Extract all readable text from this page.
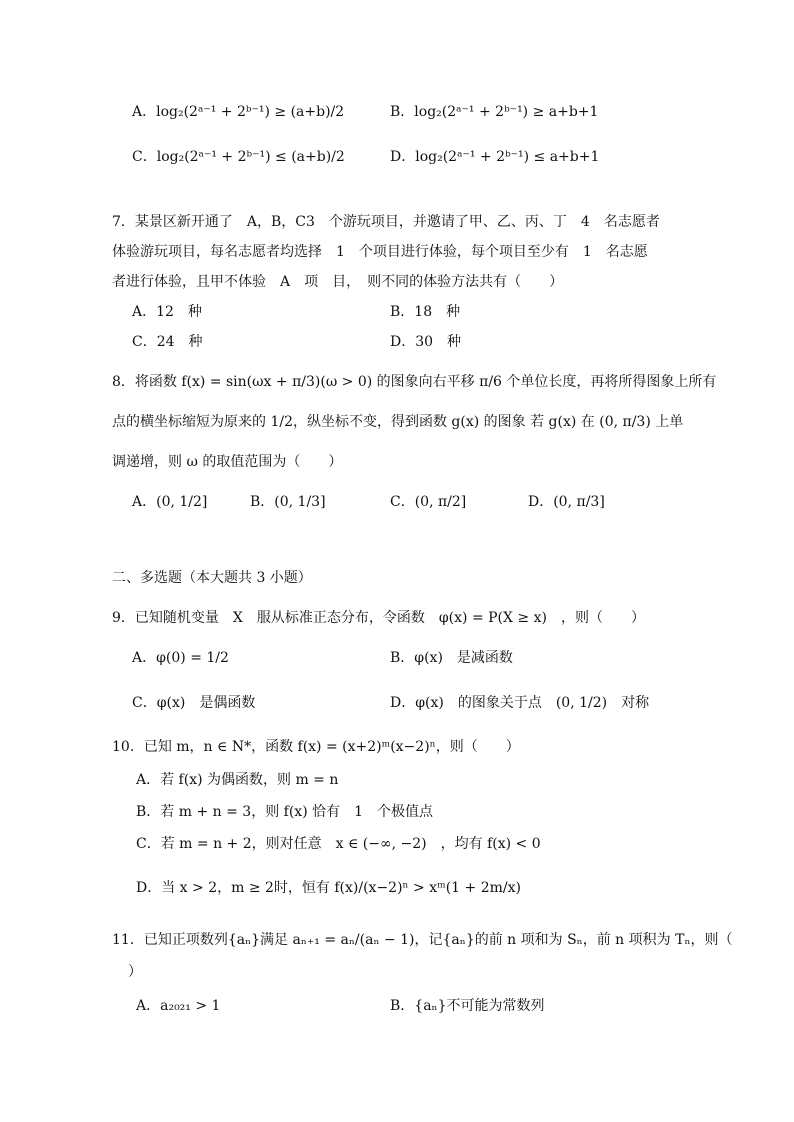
A．log₂(2ᵃ⁻¹ + 2ᵇ⁻¹) ≥ (a+b)/2	B．log₂(2ᵃ⁻¹ + 2ᵇ⁻¹) ≥ a+b+1
C．log₂(2ᵃ⁻¹ + 2ᵇ⁻¹) ≤ (a+b)/2	D．log₂(2ᵃ⁻¹ + 2ᵇ⁻¹) ≤ a+b+1
7．某景区新开通了　A，B，C3　个游玩项目，并邀请了甲、乙、丙、丁　4　名志愿者
体验游玩项目，每名志愿者均选择　1　个项目进行体验，每个项目至少有　1　名志愿
者进行体验，且甲不体验　A　项　目，　则不同的体验方法共有（　　）
A．12　种	B．18　种
C．24　种	D．30　种
8．将函数 f(x) = sin(ωx + π/3)(ω > 0) 的图象向右平移 π/6 个单位长度，再将所得图象上所有
点的横坐标缩短为原来的 1/2，纵坐标不变，得到函数 g(x) 的图象 若 g(x) 在 (0, π/3) 上单
调递增，则 ω 的取值范围为（　　）
A．(0, 1/2]	B．(0, 1/3]	C．(0, π/2]	D．(0, π/3]
二、多选题（本大题共 3 小题）
9．已知随机变量　X　服从标准正态分布，令函数　φ(x) = P(X ≥ x)　，则（　　）
A．φ(0) = 1/2	B．φ(x)　是减函数
C．φ(x)　是偶函数	D．φ(x)　的图象关于点　(0, 1/2)　对称
10．已知 m，n ∈ N*，函数 f(x) = (x+2)ᵐ(x−2)ⁿ，则（　　）
A．若 f(x) 为偶函数，则 m = n
B．若 m + n = 3，则 f(x) 恰有　1　个极值点
C．若 m = n + 2，则对任意　x ∈ (−∞, −2)　，均有 f(x) < 0
D．当 x > 2，m ≥ 2时，恒有 f(x)/(x−2)ⁿ > xᵐ(1 + 2m/x)
11．已知正项数列{aₙ}满足 aₙ₊₁ = aₙ/(aₙ − 1)，记{aₙ}的前 n 项和为 Sₙ，前 n 项积为 Tₙ，则（
）
A．a₂₀₂₁ > 1	B．{aₙ}不可能为常数列
